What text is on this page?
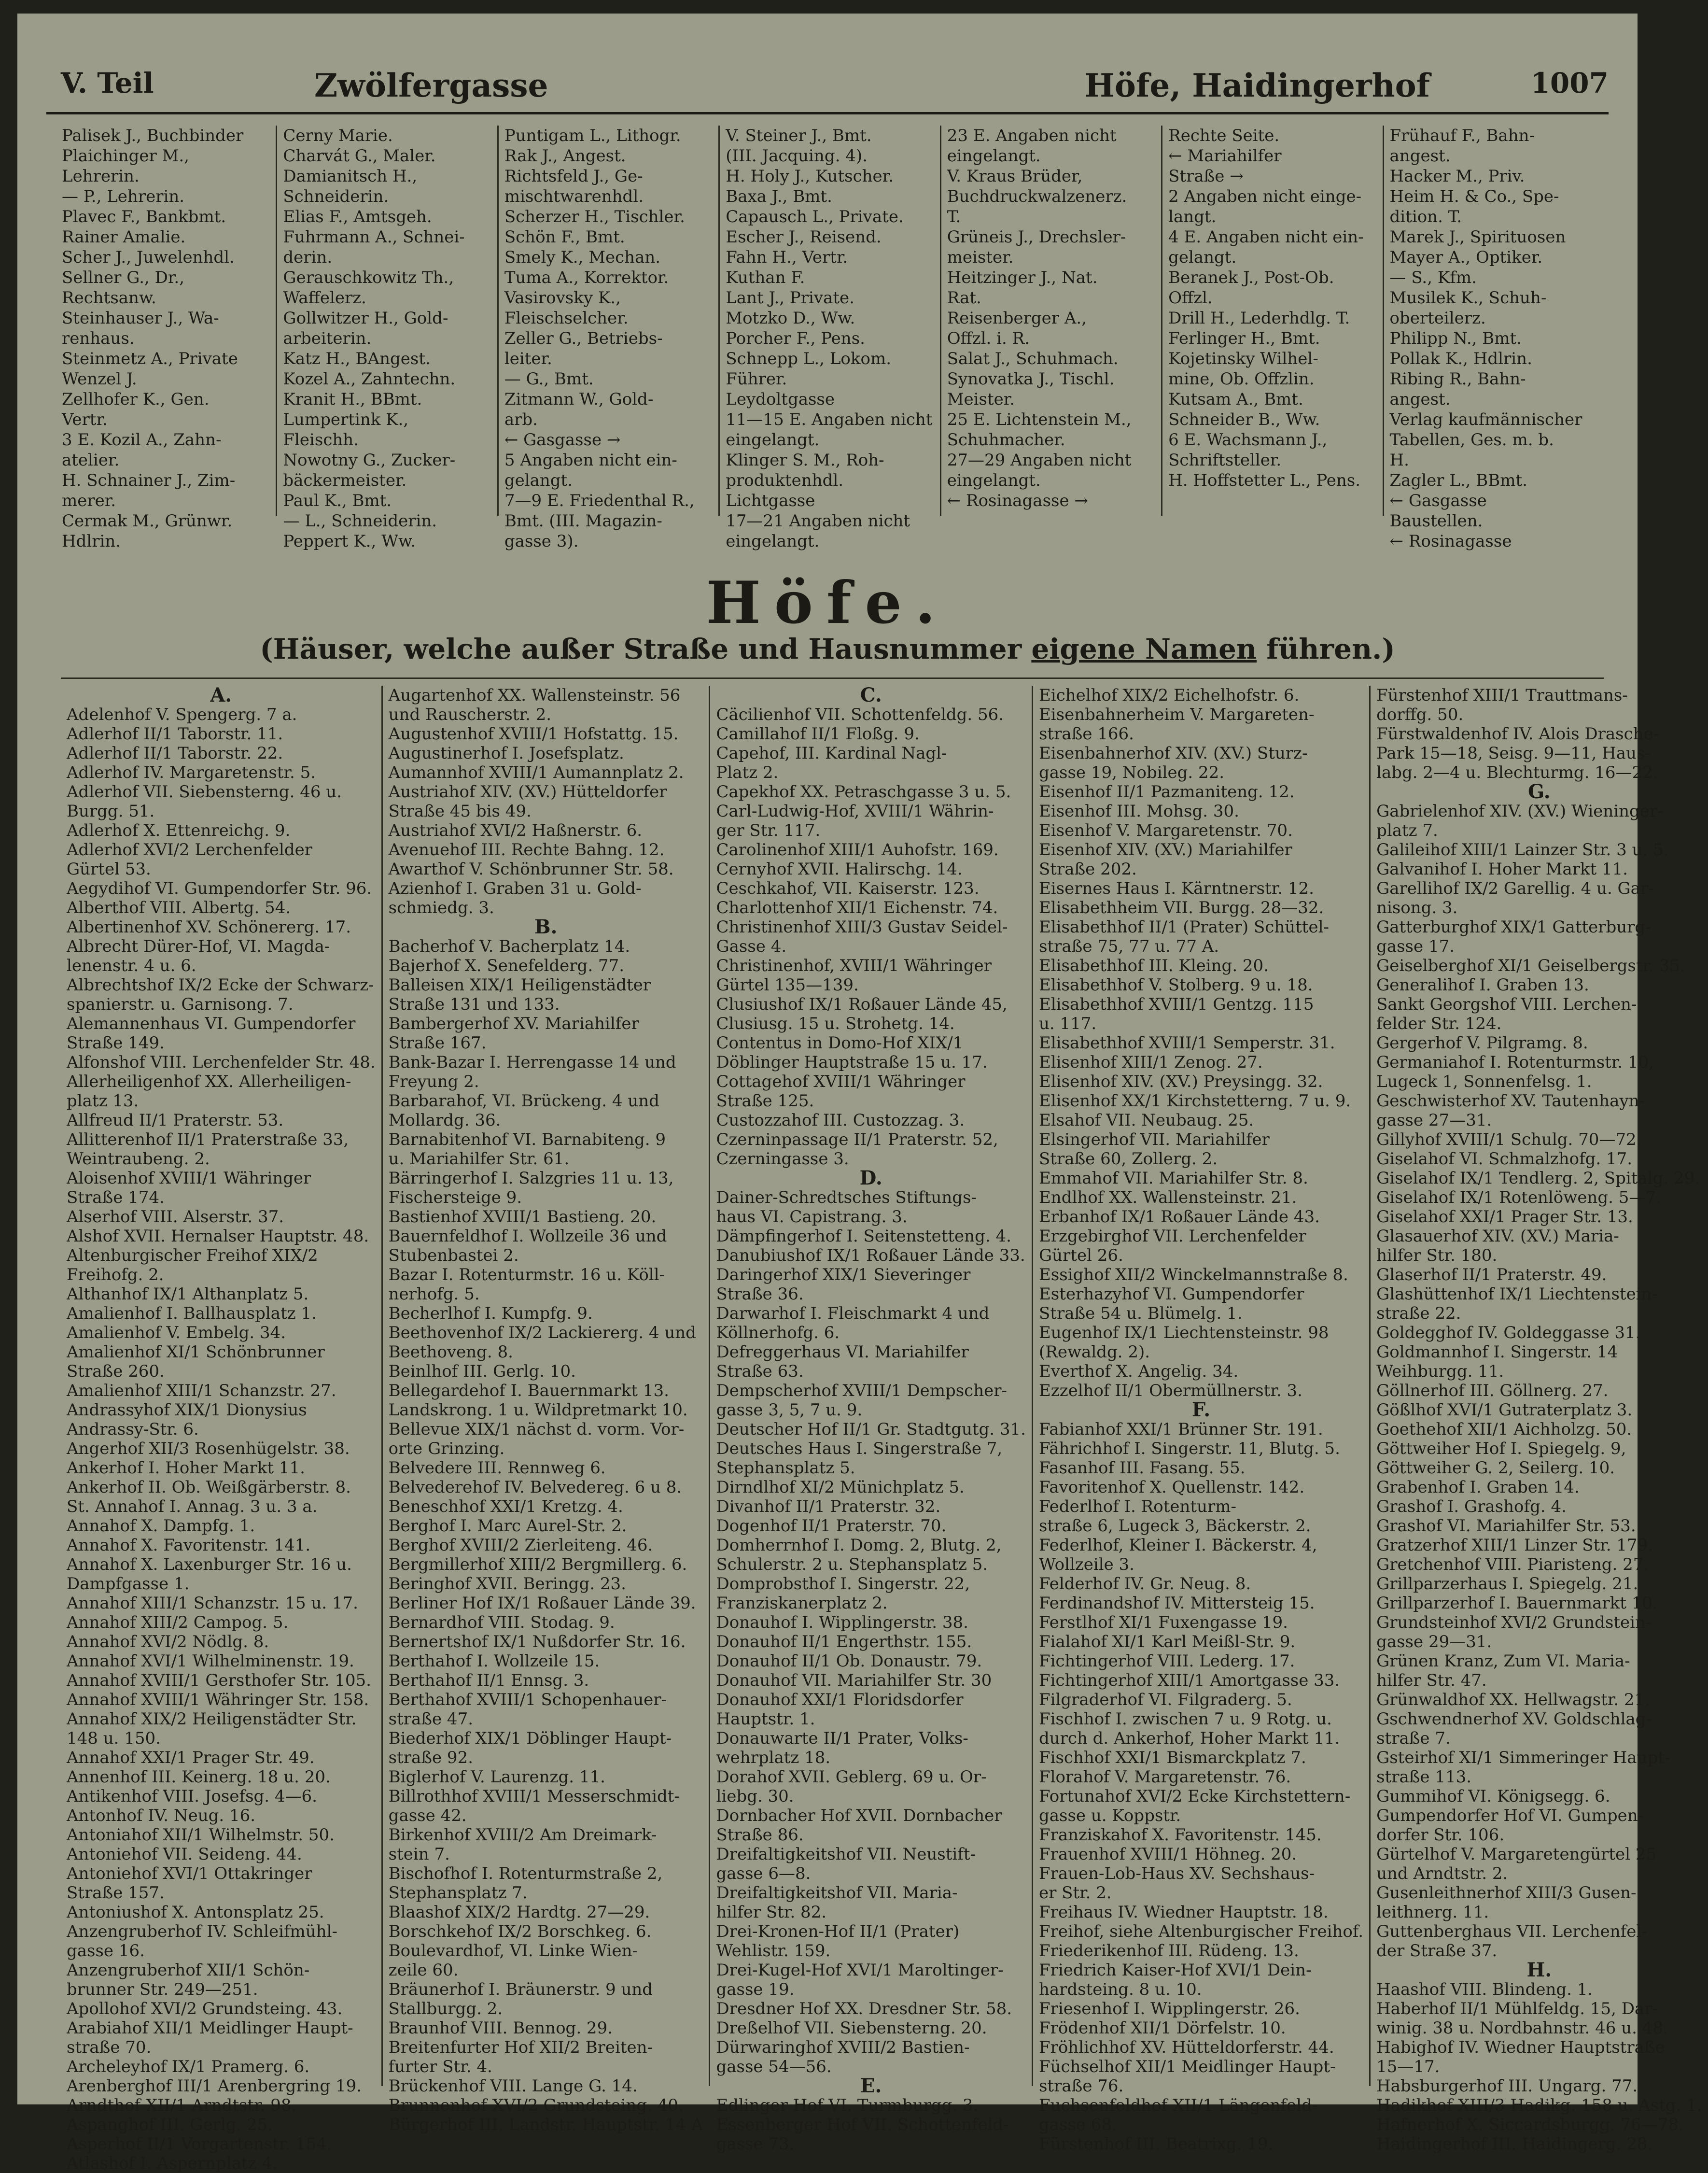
V. Teil	Zwölfergasse	Höfe, Haidingerhof	1007
Palisek J., Buchbinder
Plaichinger M.,
Lehrerin.
— P., Lehrerin.
Plavec F., Bankbmt.
Rainer Amalie.
Scher J., Juwelenhdl.
Sellner G., Dr.,
Rechtsanw.
Steinhauser J., Wa-
renhaus.
Steinmetz A., Private
Wenzel J.
Zellhofer K., Gen.
Vertr.
3 E. Kozil A., Zahn-
atelier.
H. Schnainer J., Zim-
merer.
Cermak M., Grünwr.
Hdlrin.
Cerny Marie.
Charvát G., Maler.
Damianitsch H.,
Schneiderin.
Elias F., Amtsgeh.
Fuhrmann A., Schnei-
derin.
Gerauschkowitz Th.,
Waffelerz.
Gollwitzer H., Gold-
arbeiterin.
Katz H., BAngest.
Kozel A., Zahntechn.
Kranit H., BBmt.
Lumpertink K.,
Fleischh.
Nowotny G., Zucker-
bäckermeister.
Paul K., Bmt.
— L., Schneiderin.
Peppert K., Ww.
Puntigam L., Lithogr.
Rak J., Angest.
Richtsfeld J., Ge-
mischtwarenhdl.
Scherzer H., Tischler.
Schön F., Bmt.
Smely K., Mechan.
Tuma A., Korrektor.
Vasirovsky K.,
Fleischselcher.
Zeller G., Betriebs-
leiter.
— G., Bmt.
Zitmann W., Gold-
arb.
← Gasgasse →
5 Angaben nicht ein-
gelangt.
7—9 E. Friedenthal R.,
Bmt. (III. Magazin-
gasse 3).
V. Steiner J., Bmt.
(III. Jacquing. 4).
H. Holy J., Kutscher.
Baxa J., Bmt.
Capausch L., Private.
Escher J., Reisend.
Fahn H., Vertr.
Kuthan F.
Lant J., Private.
Motzko D., Ww.
Porcher F., Pens.
Schnepp L., Lokom.
Führer.
Leydoltgasse
11—15 E. Angaben nicht
eingelangt.
Klinger S. M., Roh-
produktenhdl.
Lichtgasse
17—21 Angaben nicht
eingelangt.
23 E. Angaben nicht
eingelangt.
V. Kraus Brüder,
Buchdruckwalzenerz.
T.
Grüneis J., Drechsler-
meister.
Heitzinger J., Nat.
Rat.
Reisenberger A.,
Offzl. i. R.
Salat J., Schuhmach.
Synovatka J., Tischl.
Meister.
25 E. Lichtenstein M.,
Schuhmacher.
27—29 Angaben nicht
eingelangt.
← Rosinagasse →
Rechte Seite.
← Mariahilfer
Straße →
2 Angaben nicht einge-
langt.
4 E. Angaben nicht ein-
gelangt.
Beranek J., Post-Ob.
Offzl.
Drill H., Lederhdlg. T.
Ferlinger H., Bmt.
Kojetinsky Wilhel-
mine, Ob. Offzlin.
Kutsam A., Bmt.
Schneider B., Ww.
6 E. Wachsmann J.,
Schriftsteller.
H. Hoffstetter L., Pens.
Frühauf F., Bahn-
angest.
Hacker M., Priv.
Heim H. & Co., Spe-
dition. T.
Marek J., Spirituosen
Mayer A., Optiker.
— S., Kfm.
Musilek K., Schuh-
oberteilerz.
Philipp N., Bmt.
Pollak K., Hdlrin.
Ribing R., Bahn-
angest.
Verlag kaufmännischer
Tabellen, Ges. m. b.
H.
Zagler L., BBmt.
← Gasgasse
Baustellen.
← Rosinagasse
Höfe.
(Häuser, welche außer Straße und Hausnummer eigene Namen führen.)
A.
Adelenhof V. Spengerg. 7 a.
Adlerhof II/1 Taborstr. 11.
Adlerhof II/1 Taborstr. 22.
Adlerhof IV. Margaretenstr. 5.
Adlerhof VII. Siebensterng. 46 u.
Burgg. 51.
Adlerhof X. Ettenreichg. 9.
Adlerhof XVI/2 Lerchenfelder
Gürtel 53.
Aegydihof VI. Gumpendorfer Str. 96.
Alberthof VIII. Albertg. 54.
Albertinenhof XV. Schönererg. 17.
Albrecht Dürer-Hof, VI. Magda-
lenenstr. 4 u. 6.
Albrechtshof IX/2 Ecke der Schwarz-
spanierstr. u. Garnisong. 7.
Alemannenhaus VI. Gumpendorfer
Straße 149.
Alfonshof VIII. Lerchenfelder Str. 48.
Allerheiligenhof XX. Allerheiligen-
platz 13.
Allfreud II/1 Praterstr. 53.
Allitterenhof II/1 Praterstraße 33,
Weintraubeng. 2.
Aloisenhof XVIII/1 Währinger
Straße 174.
Alserhof VIII. Alserstr. 37.
Alshof XVII. Hernalser Hauptstr. 48.
Altenburgischer Freihof XIX/2
Freihofg. 2.
Althanhof IX/1 Althanplatz 5.
Amalienhof I. Ballhausplatz 1.
Amalienhof V. Embelg. 34.
Amalienhof XI/1 Schönbrunner
Straße 260.
Amalienhof XIII/1 Schanzstr. 27.
Andrassyhof XIX/1 Dionysius
Andrassy-Str. 6.
Angerhof XII/3 Rosenhügelstr. 38.
Ankerhof I. Hoher Markt 11.
Ankerhof II. Ob. Weißgärberstr. 8.
St. Annahof I. Annag. 3 u. 3 a.
Annahof X. Dampfg. 1.
Annahof X. Favoritenstr. 141.
Annahof X. Laxenburger Str. 16 u.
Dampfgasse 1.
Annahof XIII/1 Schanzstr. 15 u. 17.
Annahof XIII/2 Campog. 5.
Annahof XVI/2 Nödlg. 8.
Annahof XVI/1 Wilhelminenstr. 19.
Annahof XVIII/1 Gersthofer Str. 105.
Annahof XVIII/1 Währinger Str. 158.
Annahof XIX/2 Heiligenstädter Str.
148 u. 150.
Annahof XXI/1 Prager Str. 49.
Annenhof III. Keinerg. 18 u. 20.
Antikenhof VIII. Josefsg. 4—6.
Antonhof IV. Neug. 16.
Antoniahof XII/1 Wilhelmstr. 50.
Antoniehof VII. Seideng. 44.
Antoniehof XVI/1 Ottakringer
Straße 157.
Antoniushof X. Antonsplatz 25.
Anzengruberhof IV. Schleifmühl-
gasse 16.
Anzengruberhof XII/1 Schön-
brunner Str. 249—251.
Apollohof XVI/2 Grundsteing. 43.
Arabiahof XII/1 Meidlinger Haupt-
straße 70.
Archeleyhof IX/1 Pramerg. 6.
Arenberghof III/1 Arenbergring 19.
Arndthof XII/1 Arndtstr. 98.
Aspanghof III. Gerlg. 25.
Asperhof II/1 Vorgartenstr. 154.
Atlashof I. Aspernplatz 4.
Augartenhof XX. Wallensteinstr. 56
und Rauscherstr. 2.
Augustenhof XVIII/1 Hofstattg. 15.
Augustinerhof I. Josefsplatz.
Aumannhof XVIII/1 Aumannplatz 2.
Austriahof XIV. (XV.) Hütteldorfer
Straße 45 bis 49.
Austriahof XVI/2 Haßnerstr. 6.
Avenuehof III. Rechte Bahng. 12.
Awarthof V. Schönbrunner Str. 58.
Azienhof I. Graben 31 u. Gold-
schmiedg. 3.
B.
Bacherhof V. Bacherplatz 14.
Bajerhof X. Senefelderg. 77.
Balleisen XIX/1 Heiligenstädter
Straße 131 und 133.
Bambergerhof XV. Mariahilfer
Straße 167.
Bank-Bazar I. Herrengasse 14 und
Freyung 2.
Barbarahof, VI. Brückeng. 4 und
Mollardg. 36.
Barnabitenhof VI. Barnabiteng. 9
u. Mariahilfer Str. 61.
Bärringerhof I. Salzgries 11 u. 13,
Fischersteige 9.
Bastienhof XVIII/1 Bastieng. 20.
Bauernfeldhof I. Wollzeile 36 und
Stubenbastei 2.
Bazar I. Rotenturmstr. 16 u. Köll-
nerhofg. 5.
Becherlhof I. Kumpfg. 9.
Beethovenhof IX/2 Lackiererg. 4 und
Beethoveng. 8.
Beinlhof III. Gerlg. 10.
Bellegardehof I. Bauernmarkt 13.
Landskrong. 1 u. Wildpretmarkt 10.
Bellevue XIX/1 nächst d. vorm. Vor-
orte Grinzing.
Belvedere III. Rennweg 6.
Belvederehof IV. Belvedereg. 6 u 8.
Beneschhof XXI/1 Kretzg. 4.
Berghof I. Marc Aurel-Str. 2.
Berghof XVIII/2 Zierleiteng. 46.
Bergmillerhof XIII/2 Bergmillerg. 6.
Beringhof XVII. Beringg. 23.
Berliner Hof IX/1 Roßauer Lände 39.
Bernardhof VIII. Stodag. 9.
Bernertshof IX/1 Nußdorfer Str. 16.
Berthahof I. Wollzeile 15.
Berthahof II/1 Ennsg. 3.
Berthahof XVIII/1 Schopenhauer-
straße 47.
Biederhof XIX/1 Döblinger Haupt-
straße 92.
Biglerhof V. Laurenzg. 11.
Billrothhof XVIII/1 Messerschmidt-
gasse 42.
Birkenhof XVIII/2 Am Dreimark-
stein 7.
Bischofhof I. Rotenturmstraße 2,
Stephansplatz 7.
Blaashof XIX/2 Hardtg. 27—29.
Borschkehof IX/2 Borschkeg. 6.
Boulevardhof, VI. Linke Wien-
zeile 60.
Bräunerhof I. Bräunerstr. 9 und
Stallburgg. 2.
Braunhof VIII. Bennog. 29.
Breitenfurter Hof XII/2 Breiten-
furter Str. 4.
Brückenhof VIII. Lange G. 14.
Brunnenhof XVI/2 Grundsteing. 40.
Bürgerhof III. Landstr. Hauptstr. 14 A
C.
Cäcilienhof VII. Schottenfeldg. 56.
Camillahof II/1 Floßg. 9.
Capehof, III. Kardinal Nagl-
Platz 2.
Capekhof XX. Petraschgasse 3 u. 5.
Carl-Ludwig-Hof, XVIII/1 Währin-
ger Str. 117.
Carolinenhof XIII/1 Auhofstr. 169.
Cernyhof XVII. Halirschg. 14.
Ceschkahof, VII. Kaiserstr. 123.
Charlottenhof XII/1 Eichenstr. 74.
Christinenhof XIII/3 Gustav Seidel-
Gasse 4.
Christinenhof, XVIII/1 Währinger
Gürtel 135—139.
Clusiushof IX/1 Roßauer Lände 45,
Clusiusg. 15 u. Strohetg. 14.
Contentus in Domo-Hof XIX/1
Döblinger Hauptstraße 15 u. 17.
Cottagehof XVIII/1 Währinger
Straße 125.
Custozzahof III. Custozzag. 3.
Czerninpassage II/1 Praterstr. 52,
Czerningasse 3.
D.
Dainer-Schredtsches Stiftungs-
haus VI. Capistrang. 3.
Dämpfingerhof I. Seitenstetteng. 4.
Danubiushof IX/1 Roßauer Lände 33.
Daringerhof XIX/1 Sieveringer
Straße 36.
Darwarhof I. Fleischmarkt 4 und
Köllnerhofg. 6.
Defreggerhaus VI. Mariahilfer
Straße 63.
Dempscherhof XVIII/1 Dempscher-
gasse 3, 5, 7 u. 9.
Deutscher Hof II/1 Gr. Stadtgutg. 31.
Deutsches Haus I. Singerstraße 7,
Stephansplatz 5.
Dirndlhof XI/2 Münichplatz 5.
Divanhof II/1 Praterstr. 32.
Dogenhof II/1 Praterstr. 70.
Domherrnhof I. Domg. 2, Blutg. 2,
Schulerstr. 2 u. Stephansplatz 5.
Domprobsthof I. Singerstr. 22,
Franziskanerplatz 2.
Donauhof I. Wipplingerstr. 38.
Donauhof II/1 Engerthstr. 155.
Donauhof II/1 Ob. Donaustr. 79.
Donauhof VII. Mariahilfer Str. 30
Donauhof XXI/1 Floridsdorfer
Hauptstr. 1.
Donauwarte II/1 Prater, Volks-
wehrplatz 18.
Dorahof XVII. Geblerg. 69 u. Or-
liebg. 30.
Dornbacher Hof XVII. Dornbacher
Straße 86.
Dreifaltigkeitshof VII. Neustift-
gasse 6—8.
Dreifaltigkeitshof VII. Maria-
hilfer Str. 82.
Drei-Kronen-Hof II/1 (Prater)
Wehlistr. 159.
Drei-Kugel-Hof XVI/1 Maroltinger-
gasse 19.
Dresdner Hof XX. Dresdner Str. 58.
Dreßelhof VII. Siebensterng. 20.
Dürwaringhof XVIII/2 Bastien-
gasse 54—56.
E.
Edlinger Hof VI. Turmburgg. 3.
Essenberger Hof VII. Schottenfeld-
gasse 73.
Eichelhof XIX/2 Eichelhofstr. 6.
Eisenbahnerheim V. Margareten-
straße 166.
Eisenbahnerhof XIV. (XV.) Sturz-
gasse 19, Nobileg. 22.
Eisenhof II/1 Pazmaniteng. 12.
Eisenhof III. Mohsg. 30.
Eisenhof V. Margaretenstr. 70.
Eisenhof XIV. (XV.) Mariahilfer
Straße 202.
Eisernes Haus I. Kärntnerstr. 12.
Elisabethheim VII. Burgg. 28—32.
Elisabethhof II/1 (Prater) Schüttel-
straße 75, 77 u. 77 A.
Elisabethhof III. Kleing. 20.
Elisabethhof V. Stolberg. 9 u. 18.
Elisabethhof XVIII/1 Gentzg. 115
u. 117.
Elisabethhof XVIII/1 Semperstr. 31.
Elisenhof XIII/1 Zenog. 27.
Elisenhof XIV. (XV.) Preysingg. 32.
Elisenhof XX/1 Kirchstetterng. 7 u. 9.
Elsahof VII. Neubaug. 25.
Elsingerhof VII. Mariahilfer
Straße 60, Zollerg. 2.
Emmahof VII. Mariahilfer Str. 8.
Endlhof XX. Wallensteinstr. 21.
Erbanhof IX/1 Roßauer Lände 43.
Erzgebirghof VII. Lerchenfelder
Gürtel 26.
Essighof XII/2 Winckelmannstraße 8.
Esterhazyhof VI. Gumpendorfer
Straße 54 u. Blümelg. 1.
Eugenhof IX/1 Liechtensteinstr. 98
(Rewaldg. 2).
Everthof X. Angelig. 34.
Ezzelhof II/1 Obermüllnerstr. 3.
F.
Fabianhof XXI/1 Brünner Str. 191.
Fährichhof I. Singerstr. 11, Blutg. 5.
Fasanhof III. Fasang. 55.
Favoritenhof X. Quellenstr. 142.
Federlhof I. Rotenturm-
straße 6, Lugeck 3, Bäckerstr. 2.
Federlhof, Kleiner I. Bäckerstr. 4,
Wollzeile 3.
Felderhof IV. Gr. Neug. 8.
Ferdinandshof IV. Mittersteig 15.
Ferstlhof XI/1 Fuxengasse 19.
Fialahof XI/1 Karl Meißl-Str. 9.
Fichtingerhof VIII. Lederg. 17.
Fichtingerhof XIII/1 Amortgasse 33.
Filgraderhof VI. Filgraderg. 5.
Fischhof I. zwischen 7 u. 9 Rotg. u.
durch d. Ankerhof, Hoher Markt 11.
Fischhof XXI/1 Bismarckplatz 7.
Florahof V. Margaretenstr. 76.
Fortunahof XVI/2 Ecke Kirchstettern-
gasse u. Koppstr.
Franziskahof X. Favoritenstr. 145.
Frauenhof XVIII/1 Höhneg. 20.
Frauen-Lob-Haus XV. Sechshaus-
er Str. 2.
Freihaus IV. Wiedner Hauptstr. 18.
Freihof, siehe Altenburgischer Freihof.
Friederikenhof III. Rüdeng. 13.
Friedrich Kaiser-Hof XVI/1 Dein-
hardsteing. 8 u. 10.
Friesenhof I. Wipplingerstr. 26.
Frödenhof XII/1 Dörfelstr. 10.
Fröhlichhof XV. Hütteldorferstr. 44.
Füchselhof XII/1 Meidlinger Haupt-
straße 76.
Fuchsenfeldhof XII/1 Längenfeld-
gasse 68.
Fürstenhof III. Beatrixg. 19.
Fürstenhof XIII/1 Trauttmans-
dorffg. 50.
Fürstwaldenhof IV. Alois Drasche-
Park 15—18, Seisg. 9—11, Haus-
labg. 2—4 u. Blechturmg. 16—22.
G.
Gabrielenhof XIV. (XV.) Wieninger-
platz 7.
Galileihof XIII/1 Lainzer Str. 3 u. 5.
Galvanihof I. Hoher Markt 11.
Garellihof IX/2 Garellig. 4 u. Gar-
nisong. 3.
Gatterburghof XIX/1 Gatterburg-
gasse 17.
Geiselberghof XI/1 Geiselbergstr. 35.
Generalihof I. Graben 13.
Sankt Georgshof VIII. Lerchen-
felder Str. 124.
Gergerhof V. Pilgramg. 8.
Germaniahof I. Rotenturmstr. 10,
Lugeck 1, Sonnenfelsg. 1.
Geschwisterhof XV. Tautenhayn-
gasse 27—31.
Gillyhof XVIII/1 Schulg. 70—72.
Giselahof VI. Schmalzhofg. 17.
Giselahof IX/1 Tendlerg. 2, Spitalg. 29.
Giselahof IX/1 Rotenlöweng. 5—7.
Giselahof XXI/1 Prager Str. 13.
Glasauerhof XIV. (XV.) Maria-
hilfer Str. 180.
Glaserhof II/1 Praterstr. 49.
Glashüttenhof IX/1 Liechtenstein-
straße 22.
Goldegghof IV. Goldeggasse 31.
Goldmannhof I. Singerstr. 14
Weihburgg. 11.
Göllnerhof III. Göllnerg. 27.
Gößlhof XVI/1 Gutraterplatz 3.
Goethehof XII/1 Aichholzg. 50.
Göttweiher Hof I. Spiegelg. 9,
Göttweiher G. 2, Seilerg. 10.
Grabenhof I. Graben 14.
Grashof I. Grashofg. 4.
Grashof VI. Mariahilfer Str. 53.
Gratzerhof XIII/1 Linzer Str. 179.
Gretchenhof VIII. Piaristeng. 27.
Grillparzerhaus I. Spiegelg. 21.
Grillparzerhof I. Bauernmarkt 10.
Grundsteinhof XVI/2 Grundstein-
gasse 29—31.
Grünen Kranz, Zum VI. Maria-
hilfer Str. 47.
Grünwaldhof XX. Hellwagstr. 21.
Gschwendnerhof XV. Goldschlag-
straße 7.
Gsteirhof XI/1 Simmeringer Haupt-
straße 113.
Gummihof VI. Königsegg. 6.
Gumpendorfer Hof VI. Gumpen-
dorfer Str. 106.
Gürtelhof V. Margaretengürtel 25
und Arndtstr. 2.
Gusenleithnerhof XIII/3 Gusen-
leithnerg. 11.
Guttenberghaus VII. Lerchenfel-
der Straße 37.
H.
Haashof VIII. Blindeng. 1.
Haberhof II/1 Mühlfeldg. 15, Dar-
winig. 38 u. Nordbahnstr. 46 u. 48.
Habighof IV. Wiedner Hauptstraße
15—17.
Habsburgerhof III. Ungarg. 77.
Hadikhof XIII/3 Hadikg. 158 u. Astg. 1.
Hafnerhof X. Siccardsburgg. 76—78.
Haidingerhof III. Haidingerg. 28.
